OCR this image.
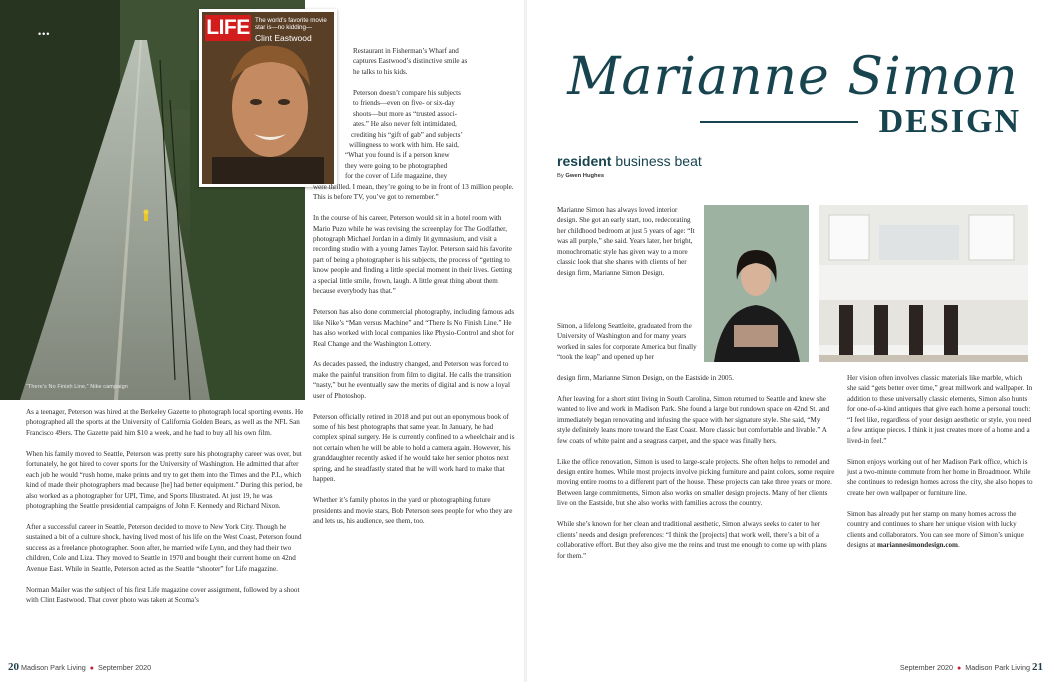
•••
“There’s No Finish Line,” Nike campaign
LIFE The world’s favorite movie star is—no kidding—
Clint Eastwood

As a teenager, Peterson was hired at the Berkeley Gazette to photograph local sporting events. He photographed all the sports at the University of California Golden Bears, as well as the NFL San Francisco 49ers. The Gazette paid him $10 a week, and he had to buy all his own film.

When his family moved to Seattle, Peterson was pretty sure his photography career was over, but fortunately, he got hired to cover sports for the University of Washington. He admitted that after each job he would “rush home, make prints and try to get them into the Times and the P.I., which kind of made their photographers mad because [he] had better equipment.” During this period, he also worked as a photographer for UPI, Time, and Sports Illustrated. At just 19, he was photographing the Seattle presidential campaigns of John F. Kennedy and Richard Nixon.

After a successful career in Seattle, Peterson decided to move to New York City. Though he sustained a bit of a culture shock, having lived most of his life on the West Coast, Peterson found success as a freelance photographer. Soon after, he married wife Lynn, and they had their two children, Cole and Liza. They moved to Seattle in 1970 and bought their current home on 42nd Avenue East. While in Seattle, Peterson acted as the Seattle “shooter” for Life magazine.

Norman Mailer was the subject of his first Life magazine cover assignment, followed by a shoot with Clint Eastwood. That cover photo was taken at Scoma’s

Restaurant in Fisherman’s Wharf and
captures Eastwood’s distinctive smile as
he talks to his kids.

Peterson doesn’t compare his subjects
to friends—even on five- or six-day
shoots—but more as “trusted associ-
ates.” He also never felt intimidated,
crediting his “gift of gab” and subjects’
willingness to work with him. He said,
“What you found is if a person knew
they were going to be photographed
for the cover of Life magazine, they
were thrilled. I mean, they’re going to be in front of 13 million people. This is before TV, you’ve got to remember.”

In the course of his career, Peterson would sit in a hotel room with Mario Puzo while he was revising the screenplay for The Godfather, photograph Michael Jordan in a dimly lit gymnasium, and visit a recording studio with a young James Taylor. Peterson said his favorite part of being a photographer is his subjects, the process of “getting to know people and finding a little special moment in their lives. Getting a special little smile, frown, laugh. A little great thing about them because everybody has that.”

Peterson has also done commercial photography, including famous ads like Nike’s “Man versus Machine” and “There Is No Finish Line.” He has also worked with local companies like Physio-Control and shot for Real Change and the Washington Lottery.

As decades passed, the industry changed, and Peterson was forced to make the painful transition from film to digital. He calls the transition “nasty,” but he eventually saw the merits of digital and is now a loyal user of Photoshop.

Peterson officially retired in 2018 and put out an eponymous book of some of his best photographs that same year. In January, he had complex spinal surgery. He is currently confined to a wheelchair and is not certain when he will be able to hold a camera again. However, his granddaughter recently asked if he would take her senior photos next spring, and he steadfastly stated that he will work hard to make that happen.

Whether it’s family photos in the yard or photographing future presidents and movie stars, Bob Peterson sees people for who they are and lets us, his audience, see them, too.

20 Madison Park Living ● September 2020
Marianne Simon
DESIGN
resident business beat
By Gwen Hughes

Marianne Simon has always loved interior design. She got an early start, too, redecorating her childhood bedroom at just 5 years of age: “It was all purple,” she said. Years later, her bright, monochromatic style has given way to a more classic look that she shares with clients of her design firm, Marianne Simon Design.

Simon, a lifelong Seattleite, graduated from the University of Washington and for many years worked in sales for corporate America but finally “took the leap” and opened up her

design firm, Marianne Simon Design, on the Eastside in 2005.

After leaving for a short stint living in South Carolina, Simon returned to Seattle and knew she wanted to live and work in Madison Park. She found a large but rundown space on 42nd St. and immediately began renovating and infusing the space with her signature style. She said, “My style definitely leans more toward the East Coast. More classic but comfortable and livable.” A few coats of white paint and a seagrass carpet, and the space was finally hers.

Like the office renovation, Simon is used to large-scale projects. She often helps to remodel and design entire homes. While most projects involve picking furniture and paint colors, some require moving entire rooms to a different part of the house. These projects can take three years or more. Between large commitments, Simon also works on smaller design projects. Many of her clients live on the Eastside, but she also works with families across the country.

While she’s known for her clean and traditional aesthetic, Simon always seeks to cater to her clients’ needs and design preferences: “I think the [projects] that work well, there’s a bit of a collaborative effort. But they also give me the reins and trust me enough to come up with plans for them.”

Her vision often involves classic materials like marble, which she said “gets better over time,” great millwork and wallpaper. In addition to these universally classic elements, Simon also hunts for one-of-a-kind antiques that give each home a personal touch: “I feel like, regardless of your design aesthetic or style, you need a few antique pieces. I think it just creates more of a home and a lived-in feel.”

Simon enjoys working out of her Madison Park office, which is just a two-minute commute from her home in Broadmoor. While she continues to redesign homes across the city, she also hopes to create her own wallpaper or furniture line.

Simon has already put her stamp on many homes across the country and continues to share her unique vision with lucky clients and collaborators. You can see more of Simon’s unique designs at mariannesimondesign.com.

September 2020 ● Madison Park Living 21
